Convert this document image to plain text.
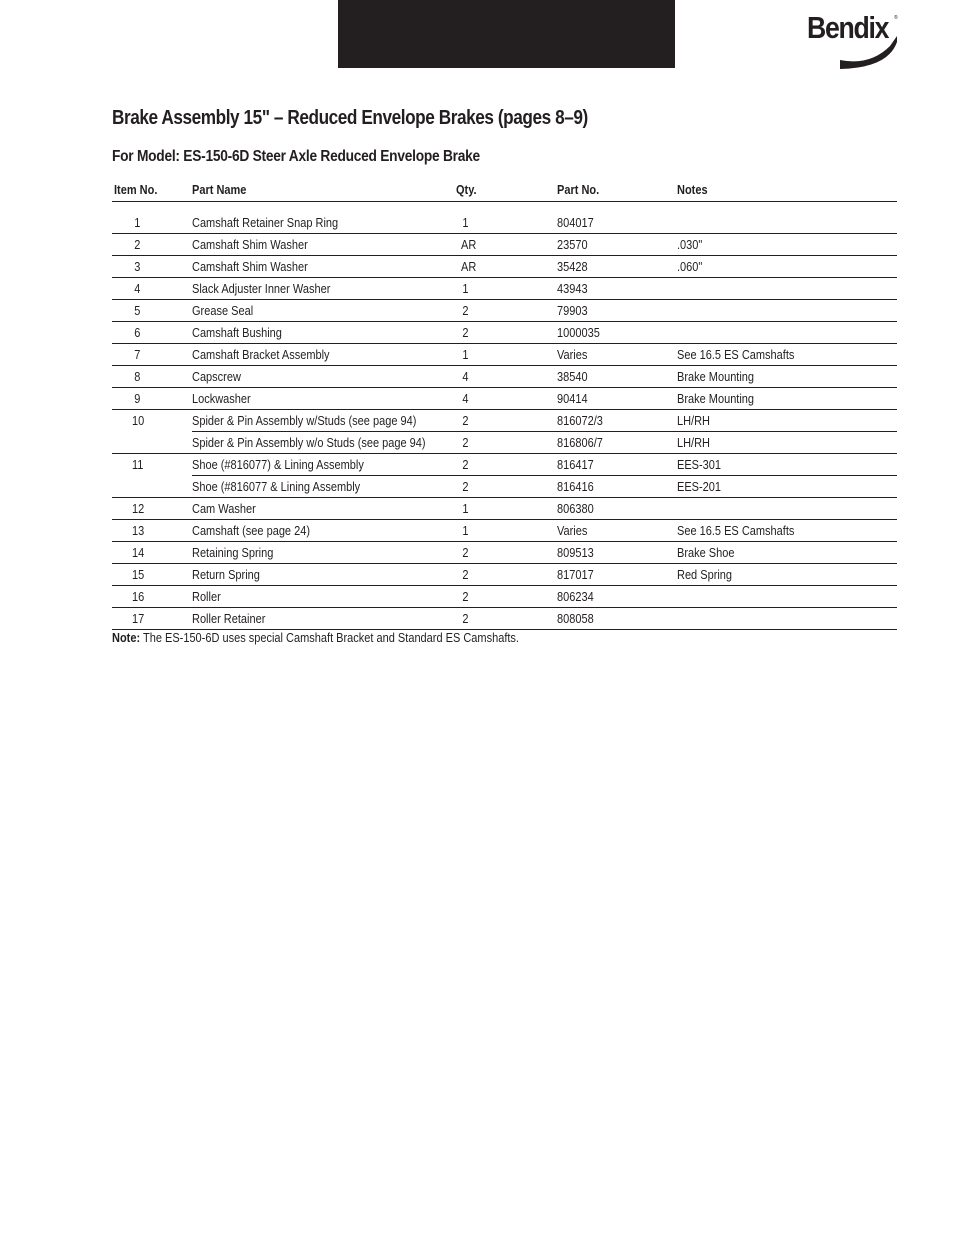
Bendix ®
Brake Assembly 15" – Reduced Envelope Brakes (pages 8–9)
For Model: ES-150-6D Steer Axle Reduced Envelope Brake
Item No.	Part Name	Qty.	Part No.	Notes
1	Camshaft Retainer Snap Ring	1	804017
2	Camshaft Shim Washer	AR	23570	.030"
3	Camshaft Shim Washer	AR	35428	.060"
4	Slack Adjuster Inner Washer	1	43943
5	Grease Seal	2	79903
6	Camshaft Bushing	2	1000035
7	Camshaft Bracket Assembly	1	Varies	See 16.5 ES Camshafts
8	Capscrew	4	38540	Brake Mounting
9	Lockwasher	4	90414	Brake Mounting
10	Spider & Pin Assembly w/Studs (see page 94)	2	816072/3	LH/RH
Spider & Pin Assembly w/o Studs (see page 94)	2	816806/7	LH/RH
11	Shoe (#816077) & Lining Assembly	2	816417	EES-301
Shoe (#816077 & Lining Assembly	2	816416	EES-201
12	Cam Washer	1	806380
13	Camshaft (see page 24)	1	Varies	See 16.5 ES Camshafts
14	Retaining Spring	2	809513	Brake Shoe
15	Return Spring	2	817017	Red Spring
16	Roller	2	806234
17	Roller Retainer	2	808058
Note: The ES-150-6D uses special Camshaft Bracket and Standard ES Camshafts.
